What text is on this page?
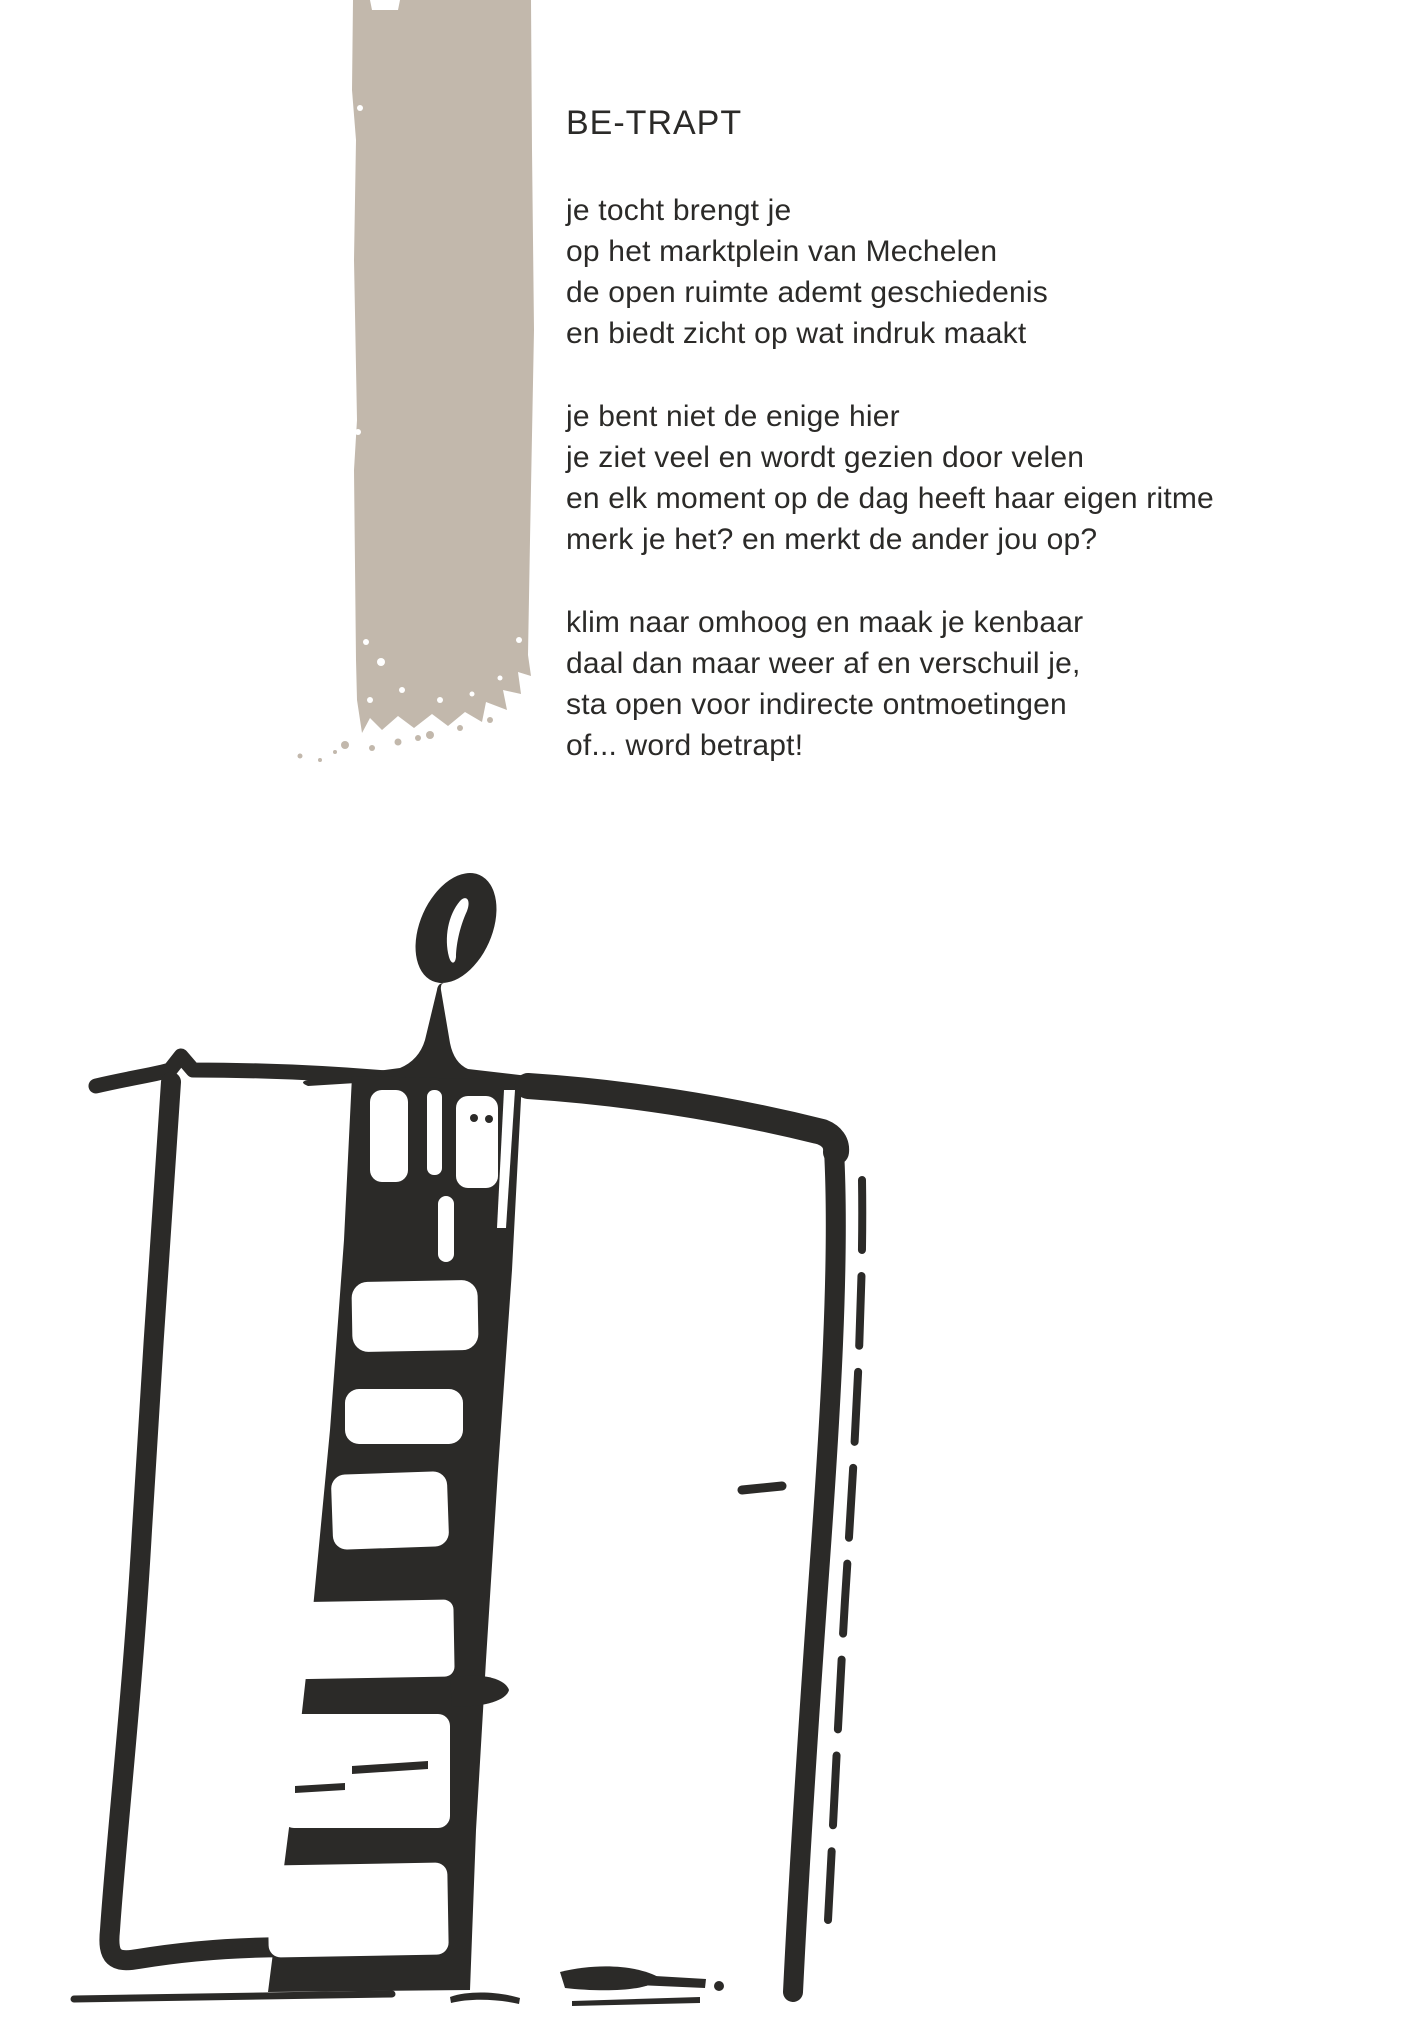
BE-TRAPT

je tocht brengt je
op het marktplein van Mechelen
de open ruimte ademt geschiedenis
en biedt zicht op wat indruk maakt

je bent niet de enige hier
je ziet veel en wordt gezien door velen
en elk moment op de dag heeft haar eigen ritme
merk je het? en merkt de ander jou op?

klim naar omhoog en maak je kenbaar
daal dan maar weer af en verschuil je,
sta open voor indirecte ontmoetingen
of... word betrapt!
